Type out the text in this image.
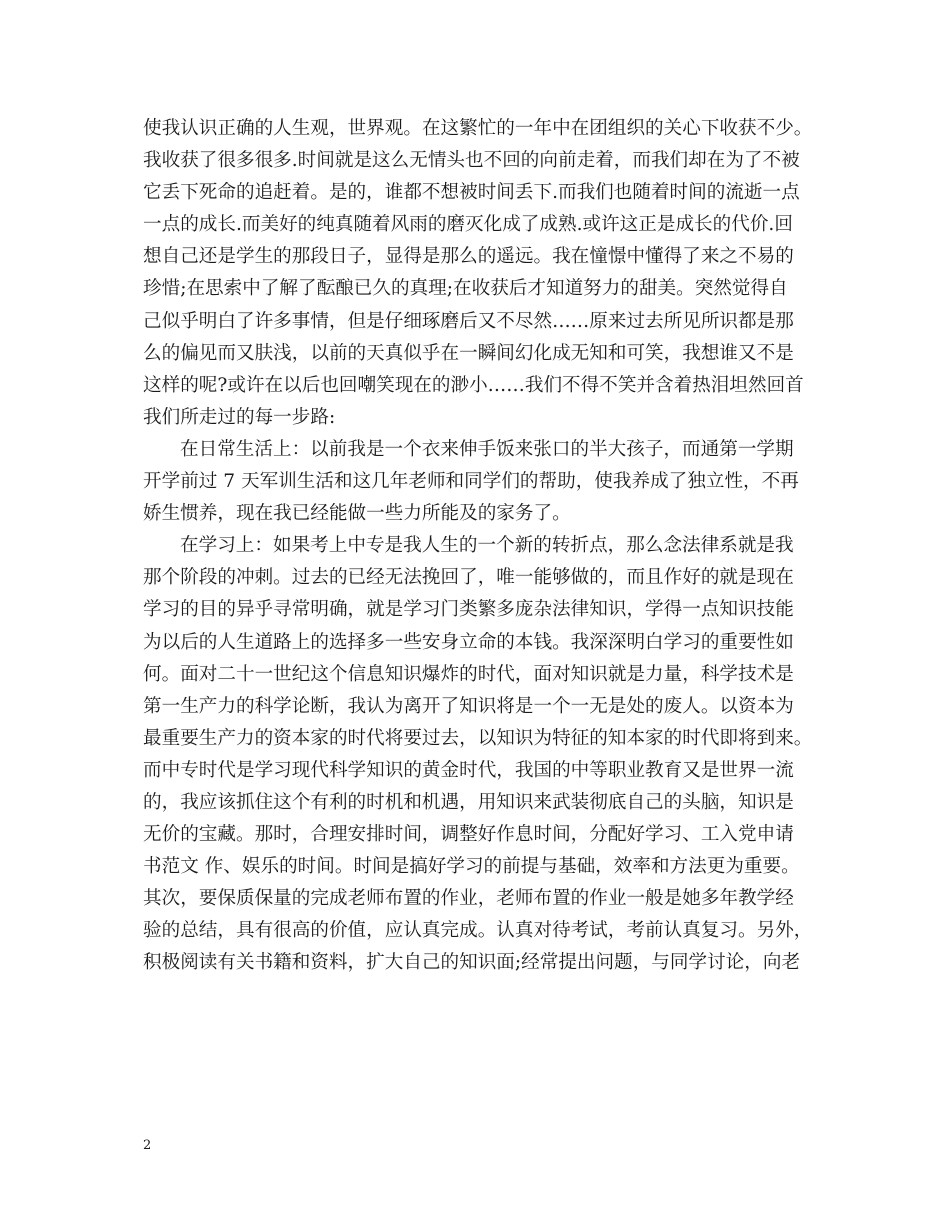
使我认识正确的人生观，世界观。在这繁忙的一年中在团组织的关心下收获不少。
我收获了很多很多.时间就是这么无情头也不回的向前走着，而我们却在为了不被
它丢下死命的追赶着。是的，谁都不想被时间丢下.而我们也随着时间的流逝一点
一点的成长.而美好的纯真随着风雨的磨灭化成了成熟.或许这正是成长的代价.回
想自己还是学生的那段日子，显得是那么的遥远。我在憧憬中懂得了来之不易的
珍惜;在思索中了解了酝酿已久的真理;在收获后才知道努力的甜美。突然觉得自
己似乎明白了许多事情，但是仔细琢磨后又不尽然……原来过去所见所识都是那
么的偏见而又肤浅，以前的天真似乎在一瞬间幻化成无知和可笑，我想谁又不是
这样的呢?或许在以后也回嘲笑现在的渺小……我们不得不笑并含着热泪坦然回首
我们所走过的每一步路:
在日常生活上：以前我是一个衣来伸手饭来张口的半大孩子，而通第一学期
开学前过 7 天军训生活和这几年老师和同学们的帮助，使我养成了独立性，不再
娇生惯养，现在我已经能做一些力所能及的家务了。
在学习上：如果考上中专是我人生的一个新的转折点，那么念法律系就是我
那个阶段的冲刺。过去的已经无法挽回了，唯一能够做的，而且作好的就是现在
学习的目的异乎寻常明确，就是学习门类繁多庞杂法律知识，学得一点知识技能
为以后的人生道路上的选择多一些安身立命的本钱。我深深明白学习的重要性如
何。面对二十一世纪这个信息知识爆炸的时代，面对知识就是力量，科学技术是
第一生产力的科学论断，我认为离开了知识将是一个一无是处的废人。以资本为
最重要生产力的资本家的时代将要过去，以知识为特征的知本家的时代即将到来。
而中专时代是学习现代科学知识的黄金时代，我国的中等职业教育又是世界一流
的，我应该抓住这个有利的时机和机遇，用知识来武装彻底自己的头脑，知识是
无价的宝藏。那时，合理安排时间，调整好作息时间，分配好学习、工入党申请
书范文 作、娱乐的时间。时间是搞好学习的前提与基础，效率和方法更为重要。
其次，要保质保量的完成老师布置的作业，老师布置的作业一般是她多年教学经
验的总结，具有很高的价值，应认真完成。认真对待考试，考前认真复习。另外，
积极阅读有关书籍和资料，扩大自己的知识面;经常提出问题，与同学讨论，向老
2
